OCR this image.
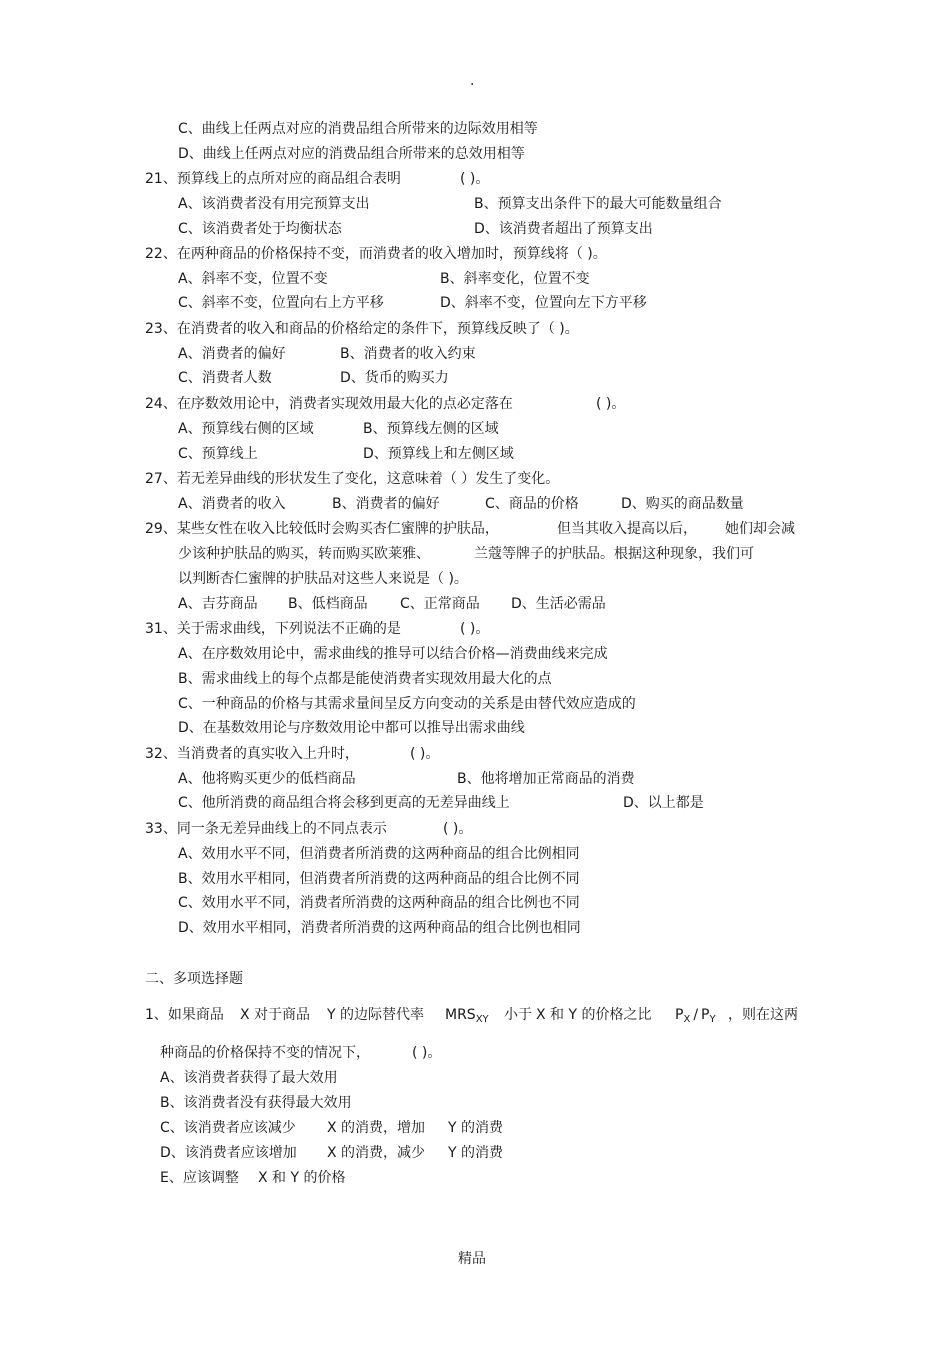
.
C、曲线上任两点对应的消费品组合所带来的边际效用相等
D、曲线上任两点对应的消费品组合所带来的总效用相等
21、预算线上的点所对应的商品组合表明	( )。
A、该消费者没有用完预算支出	B、预算支出条件下的最大可能数量组合
C、该消费者处于均衡状态	D、该消费者超出了预算支出
22、在两种商品的价格保持不变，而消费者的收入增加时，预算线将（ )。
A、斜率不变，位置不变	B、斜率变化，位置不变
C、斜率不变，位置向右上方平移	D、斜率不变，位置向左下方平移
23、在消费者的收入和商品的价格给定的条件下，预算线反映了（ )。
A、消费者的偏好	B、消费者的收入约束
C、消费者人数	D、货币的购买力
24、在序数效用论中，消费者实现效用最大化的点必定落在	( )。
A、预算线右侧的区域	B、预算线左侧的区域
C、预算线上	D、预算线上和左侧区域
27、若无差异曲线的形状发生了变化，这意味着（ ）发生了变化。
A、消费者的收入	B、消费者的偏好	C、商品的价格	D、购买的商品数量
29、某些女性在收入比较低时会购买杏仁蜜牌的护肤品，	但当其收入提高以后， 她们却会减
少该种护肤品的购买，转而购买欧莱雅、	兰蔻等牌子的护肤品。根据这种现象，我们可
以判断杏仁蜜牌的护肤品对这些人来说是（ )。
A、吉芬商品 B、低档商品 C、正常商品 D、生活必需品
31、关于需求曲线，下列说法不正确的是	( )。
A、在序数效用论中，需求曲线的推导可以结合价格—消费曲线来完成
B、需求曲线上的每个点都是能使消费者实现效用最大化的点
C、一种商品的价格与其需求量间呈反方向变动的关系是由替代效应造成的
D、在基数效用论与序数效用论中都可以推导出需求曲线
32、当消费者的真实收入上升时，	( )。
A、他将购买更少的低档商品	B、他将增加正常商品的消费
C、他所消费的商品组合将会移到更高的无差异曲线上	D、以上都是
33、同一条无差异曲线上的不同点表示	( )。
A、效用水平不同，但消费者所消费的这两种商品的组合比例相同
B、效用水平相同，但消费者所消费的这两种商品的组合比例不同
C、效用水平不同，消费者所消费的这两种商品的组合比例也不同
D、效用水平相同，消费者所消费的这两种商品的组合比例也相同
二、多项选择题
1、如果商品 X 对于商品 Y 的边际替代率 $MRS_{XY}$ 小于 X 和 Y 的价格之比 $P_X / P_Y$ ，则在这两
种商品的价格保持不变的情况下，	( )。
A、该消费者获得了最大效用
B、该消费者没有获得最大效用
C、该消费者应该减少 X 的消费，增加 Y 的消费
D、该消费者应该增加 X 的消费，减少 Y 的消费
E、应该调整 X 和 Y 的价格
精品
